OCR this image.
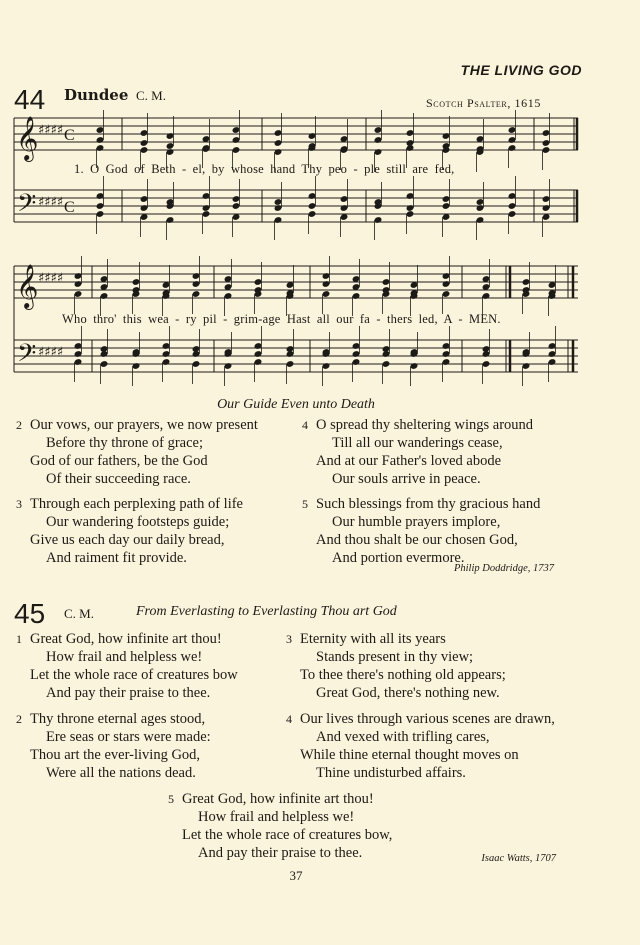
THE LIVING GOD
44 Dundee C. M.	Scotch Psalter, 1615
𝄞
𝄢
𝄞
𝄢
♯♯♯♯
♯♯♯♯
♯♯♯♯
♯♯♯♯
C
C
1. O God of Beth - el, by whose hand Thy peo - ple still are fed,
Who thro' this wea - ry pil - grim-age Hast all our fa - thers led, A - MEN.
Our Guide Even unto Death
2 Our vows, our prayers, we now present
Before thy throne of grace;
God of our fathers, be the God
Of their succeeding race.
3 Through each perplexing path of life
Our wandering footsteps guide;
Give us each day our daily bread,
And raiment fit provide.
4 O spread thy sheltering wings around
Till all our wanderings cease,
And at our Father's loved abode
Our souls arrive in peace.
5 Such blessings from thy gracious hand
Our humble prayers implore,
And thou shalt be our chosen God,
And portion evermore.
Philip Doddridge, 1737
45 C. M.	From Everlasting to Everlasting Thou art God
1 Great God, how infinite art thou!
How frail and helpless we!
Let the whole race of creatures bow
And pay their praise to thee.
2 Thy throne eternal ages stood,
Ere seas or stars were made:
Thou art the ever-living God,
Were all the nations dead.
3 Eternity with all its years
Stands present in thy view;
To thee there's nothing old appears;
Great God, there's nothing new.
4 Our lives through various scenes are drawn,
And vexed with trifling cares,
While thine eternal thought moves on
Thine undisturbed affairs.
5 Great God, how infinite art thou!
How frail and helpless we!
Let the whole race of creatures bow,
And pay their praise to thee.	Isaac Watts, 1707
37
